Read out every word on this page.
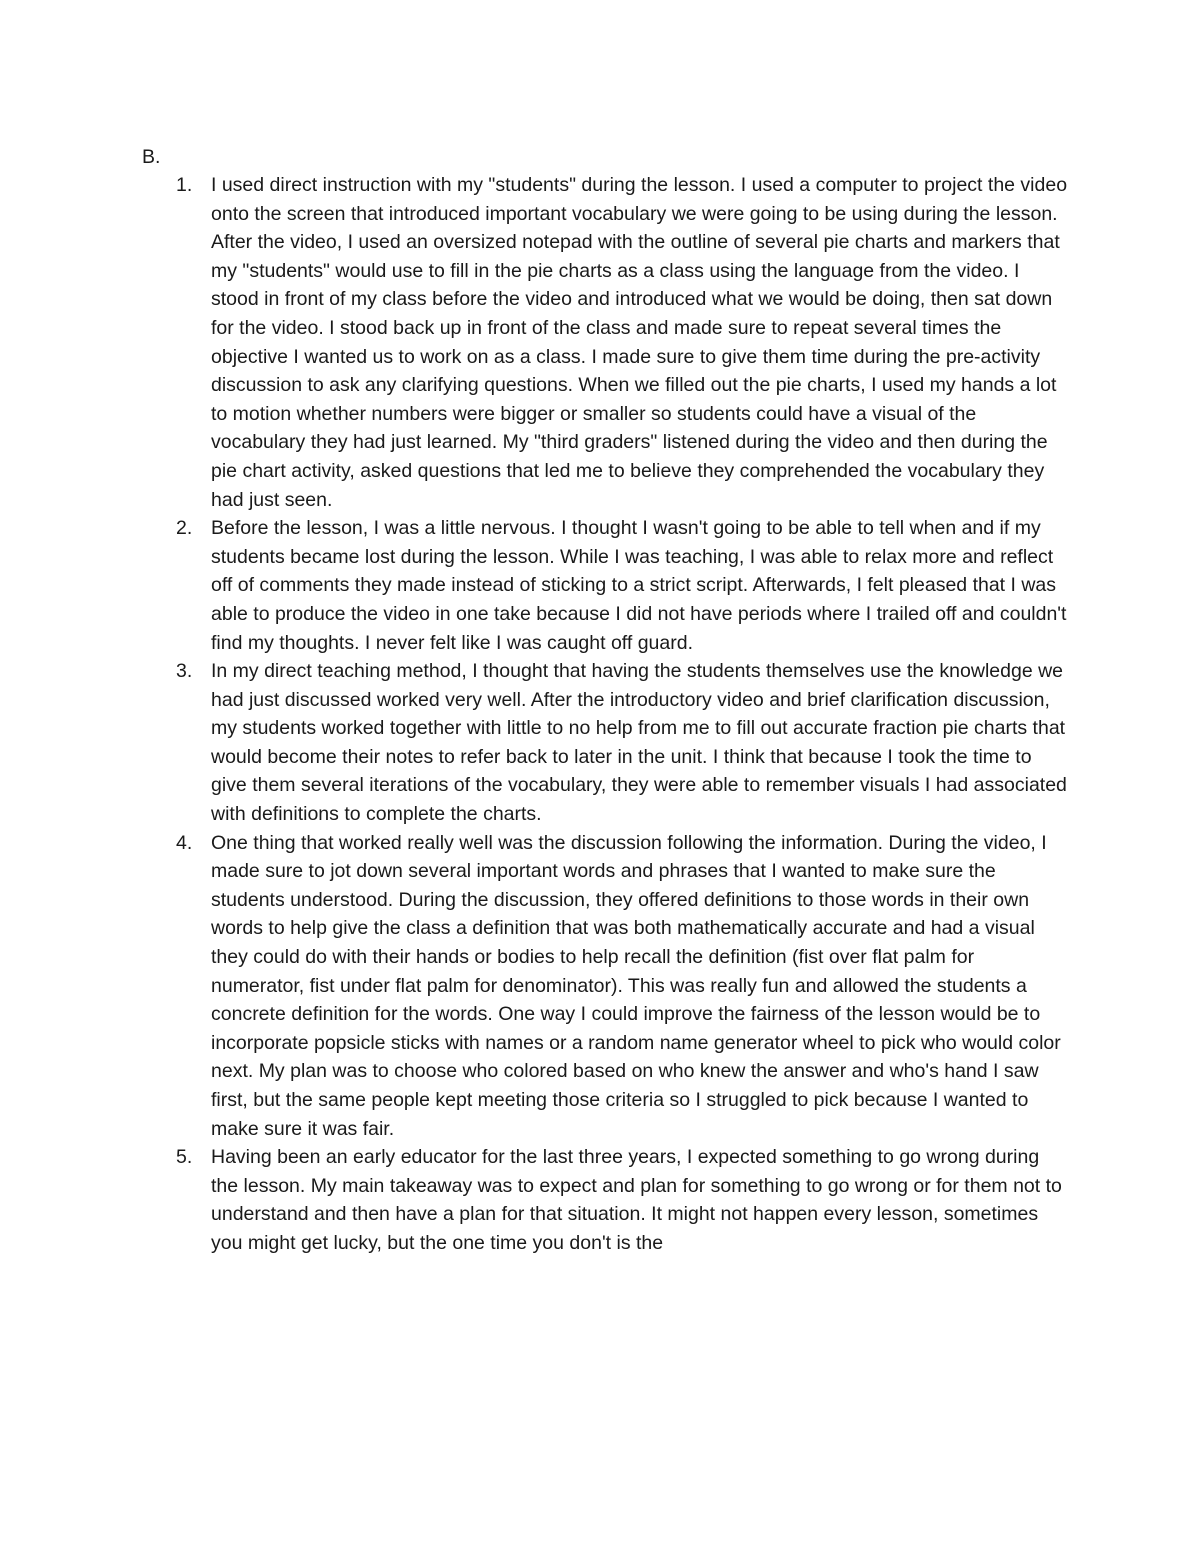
B.
1. I used direct instruction with my "students" during the lesson. I used a computer to project the video onto the screen that introduced important vocabulary we were going to be using during the lesson. After the video, I used an oversized notepad with the outline of several pie charts and markers that my "students" would use to fill in the pie charts as a class using the language from the video. I stood in front of my class before the video and introduced what we would be doing, then sat down for the video. I stood back up in front of the class and made sure to repeat several times the objective I wanted us to work on as a class. I made sure to give them time during the pre-activity discussion to ask any clarifying questions. When we filled out the pie charts, I used my hands a lot to motion whether numbers were bigger or smaller so students could have a visual of the vocabulary they had just learned. My "third graders" listened during the video and then during the pie chart activity, asked questions that led me to believe they comprehended the vocabulary they had just seen.
2. Before the lesson, I was a little nervous. I thought I wasn't going to be able to tell when and if my students became lost during the lesson. While I was teaching, I was able to relax more and reflect off of comments they made instead of sticking to a strict script. Afterwards, I felt pleased that I was able to produce the video in one take because I did not have periods where I trailed off and couldn't find my thoughts. I never felt like I was caught off guard.
3. In my direct teaching method, I thought that having the students themselves use the knowledge we had just discussed worked very well. After the introductory video and brief clarification discussion, my students worked together with little to no help from me to fill out accurate fraction pie charts that would become their notes to refer back to later in the unit. I think that because I took the time to give them several iterations of the vocabulary, they were able to remember visuals I had associated with definitions to complete the charts.
4. One thing that worked really well was the discussion following the information. During the video, I made sure to jot down several important words and phrases that I wanted to make sure the students understood. During the discussion, they offered definitions to those words in their own words to help give the class a definition that was both mathematically accurate and had a visual they could do with their hands or bodies to help recall the definition (fist over flat palm for numerator, fist under flat palm for denominator). This was really fun and allowed the students a concrete definition for the words. One way I could improve the fairness of the lesson would be to incorporate popsicle sticks with names or a random name generator wheel to pick who would color next. My plan was to choose who colored based on who knew the answer and who's hand I saw first, but the same people kept meeting those criteria so I struggled to pick because I wanted to make sure it was fair.
5. Having been an early educator for the last three years, I expected something to go wrong during the lesson. My main takeaway was to expect and plan for something to go wrong or for them not to understand and then have a plan for that situation. It might not happen every lesson, sometimes you might get lucky, but the one time you don't is the
